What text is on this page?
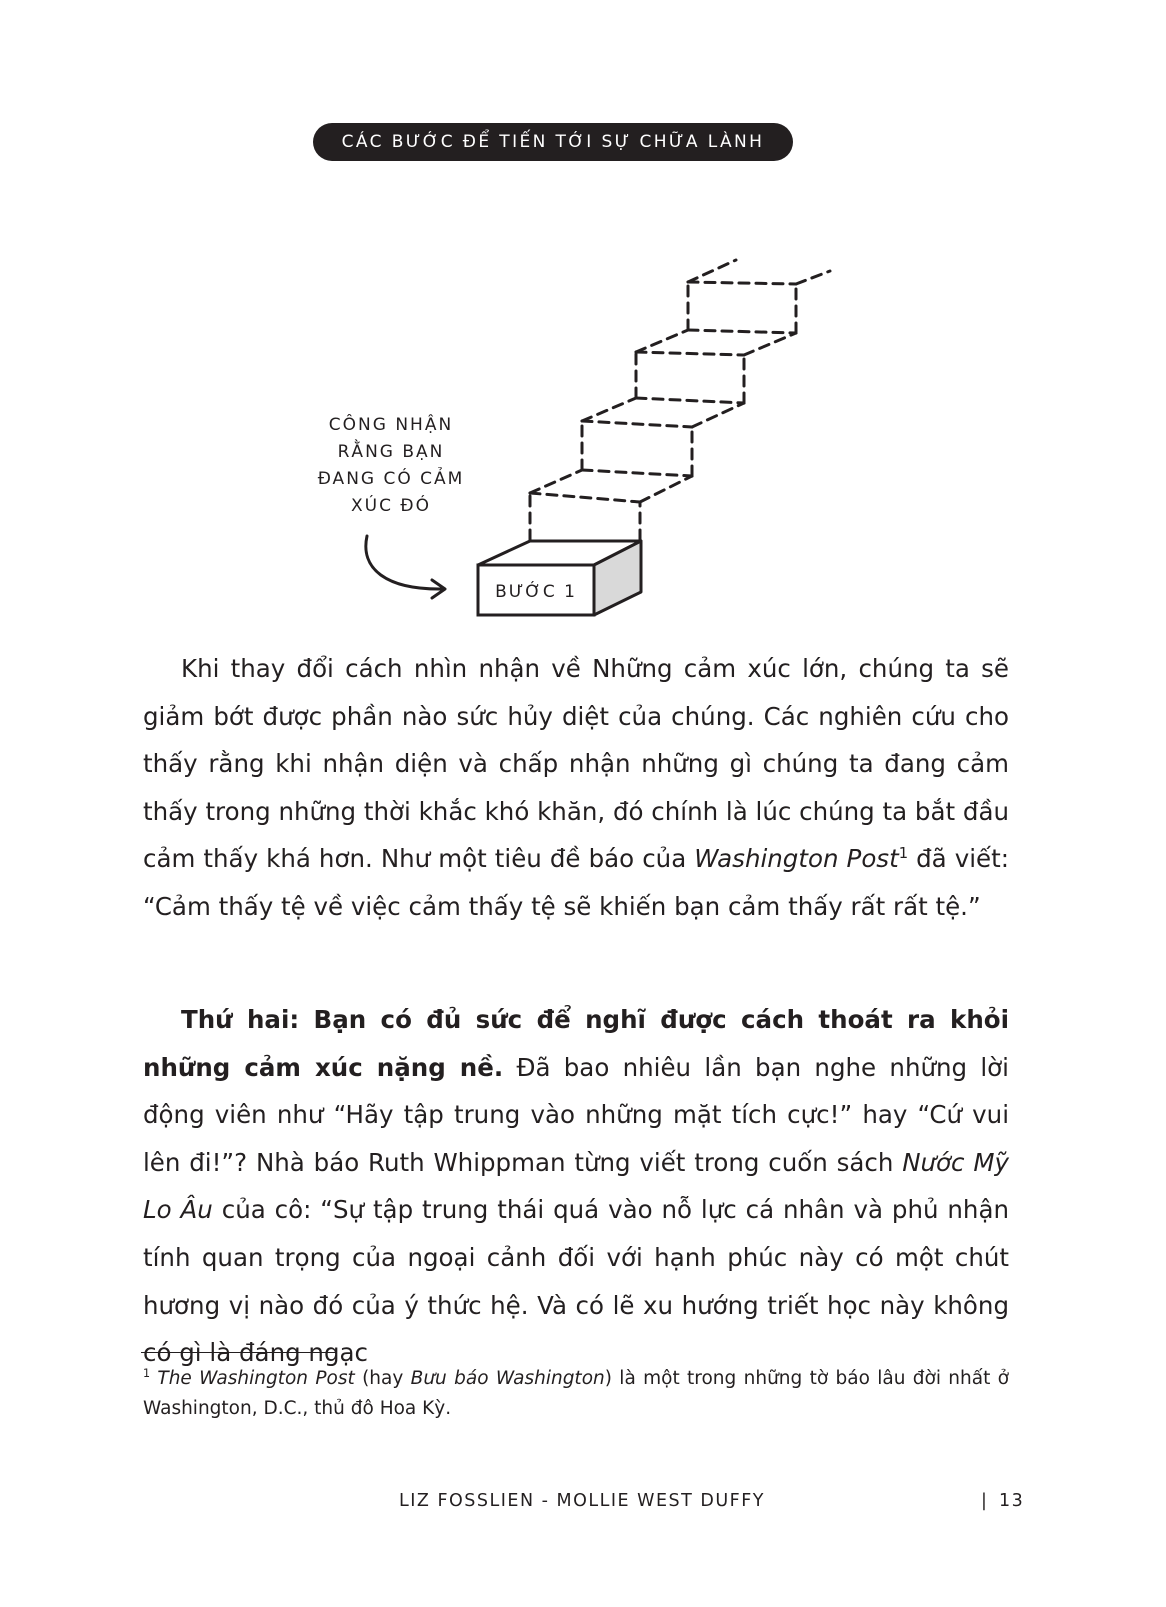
CÁC BƯỚC ĐỂ TIẾN TỚI SỰ CHỮA LÀNH
BƯỚC 1
CÔNG NHẬN
RẰNG BẠN
ĐANG CÓ CẢM
XÚC ĐÓ

Khi thay đổi cách nhìn nhận về Những cảm xúc lớn, chúng ta sẽ giảm bớt được phần nào sức hủy diệt của chúng. Các nghiên cứu cho thấy rằng khi nhận diện và chấp nhận những gì chúng ta đang cảm thấy trong những thời khắc khó khăn, đó chính là lúc chúng ta bắt đầu cảm thấy khá hơn. Như một tiêu đề báo của Washington Post$^1$ đã viết: “Cảm thấy tệ về việc cảm thấy tệ sẽ khiến bạn cảm thấy rất rất tệ.”

Thứ hai: Bạn có đủ sức để nghĩ được cách thoát ra khỏi những cảm xúc nặng nề. Đã bao nhiêu lần bạn nghe những lời động viên như “Hãy tập trung vào những mặt tích cực!” hay “Cứ vui lên đi!”? Nhà báo Ruth Whippman từng viết trong cuốn sách Nước Mỹ Lo Âu của cô: “Sự tập trung thái quá vào nỗ lực cá nhân và phủ nhận tính quan trọng của ngoại cảnh đối với hạnh phúc này có một chút hương vị nào đó của ý thức hệ. Và có lẽ xu hướng triết học này không có gì là đáng ngạc

$^1$ The Washington Post (hay Bưu báo Washington) là một trong những tờ báo lâu đời nhất ở Washington, D.C., thủ đô Hoa Kỳ.

LIZ FOSSLIEN - MOLLIE WEST DUFFY	| 13
